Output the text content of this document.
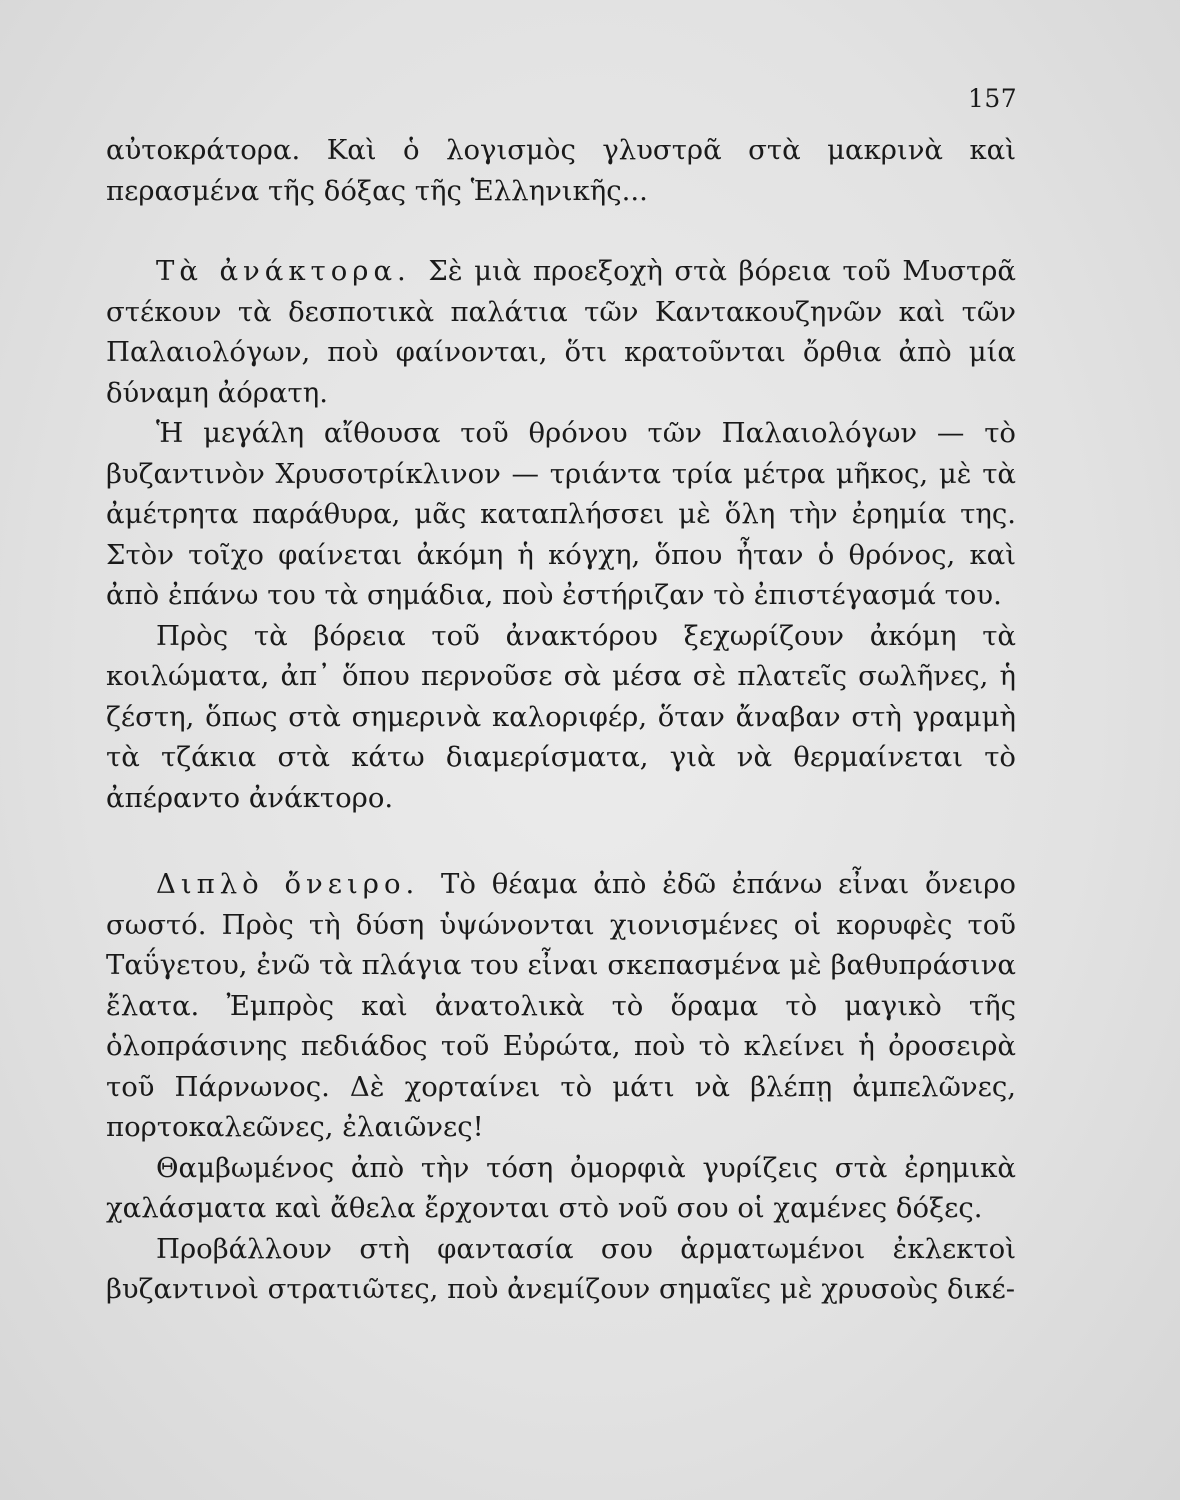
157

αὐτοκράτορα. Καὶ ὁ λογισμὸς γλυστρᾶ στὰ μακρινὰ καὶ περασμένα τῆς δόξας τῆς Ἑλληνικῆς...

Τὰ ἀνάκτορα. Σὲ μιὰ προεξοχὴ στὰ βόρεια τοῦ Μυστρᾶ στέκουν τὰ δεσποτικὰ παλάτια τῶν Καντακουζηνῶν καὶ τῶν Παλαιολόγων, ποὺ φαίνονται, ὅτι κρατοῦνται ὄρθια ἀπὸ μία δύναμη ἀόρατη.

Ἡ μεγάλη αἴθουσα τοῦ θρόνου τῶν Παλαιολόγων — τὸ βυζαντινὸν Χρυσοτρίκλινον — τριάντα τρία μέτρα μῆκος, μὲ τὰ ἀμέτρητα παράθυρα, μᾶς καταπλήσσει μὲ ὅλη τὴν ἐρημία της. Στὸν τοῖχο φαίνεται ἀκόμη ἡ κόγχη, ὅπου ἦταν ὁ θρόνος, καὶ ἀπὸ ἐπάνω του τὰ σημάδια, ποὺ ἐστήριζαν τὸ ἐπιστέγασμά του.

Πρὸς τὰ βόρεια τοῦ ἀνακτόρου ξεχωρίζουν ἀκόμη τὰ κοιλώματα, ἀπ᾿ ὅπου περνοῦσε σὰ μέσα σὲ πλατεῖς σωλῆνες, ἡ ζέστη, ὅπως στὰ σημερινὰ καλοριφέρ, ὅταν ἄναβαν στὴ γραμμὴ τὰ τζάκια στὰ κάτω διαμερίσματα, γιὰ νὰ θερμαίνεται τὸ ἀπέραντο ἀνάκτορο.

Διπλὸ ὄνειρο. Τὸ θέαμα ἀπὸ ἐδῶ ἐπάνω εἶναι ὄνειρο σωστό. Πρὸς τὴ δύση ὑψώνονται χιονισμένες οἱ κορυφὲς τοῦ Ταΰγετου, ἐνῶ τὰ πλάγια του εἶναι σκεπασμένα μὲ βαθυπράσινα ἔλατα. Ἐμπρὸς καὶ ἀνατολικὰ τὸ ὅραμα τὸ μαγικὸ τῆς ὁλοπράσινης πεδιάδος τοῦ Εὐρώτα, ποὺ τὸ κλείνει ἡ ὀροσειρὰ τοῦ Πάρνωνος. Δὲ χορταίνει τὸ μάτι νὰ βλέπῃ ἀμπελῶνες, πορτοκαλεῶνες, ἐλαιῶνες!

Θαμβωμένος ἀπὸ τὴν τόση ὀμορφιὰ γυρίζεις στὰ ἐρημικὰ χαλάσματα καὶ ἄθελα ἔρχονται στὸ νοῦ σου οἱ χαμένες δόξες.

Προβάλλουν στὴ φαντασία σου ἁρματωμένοι ἐκλεκτοὶ βυζαντινοὶ στρατιῶτες, ποὺ ἀνεμίζουν σημαῖες μὲ χρυσοὺς δικέ-
